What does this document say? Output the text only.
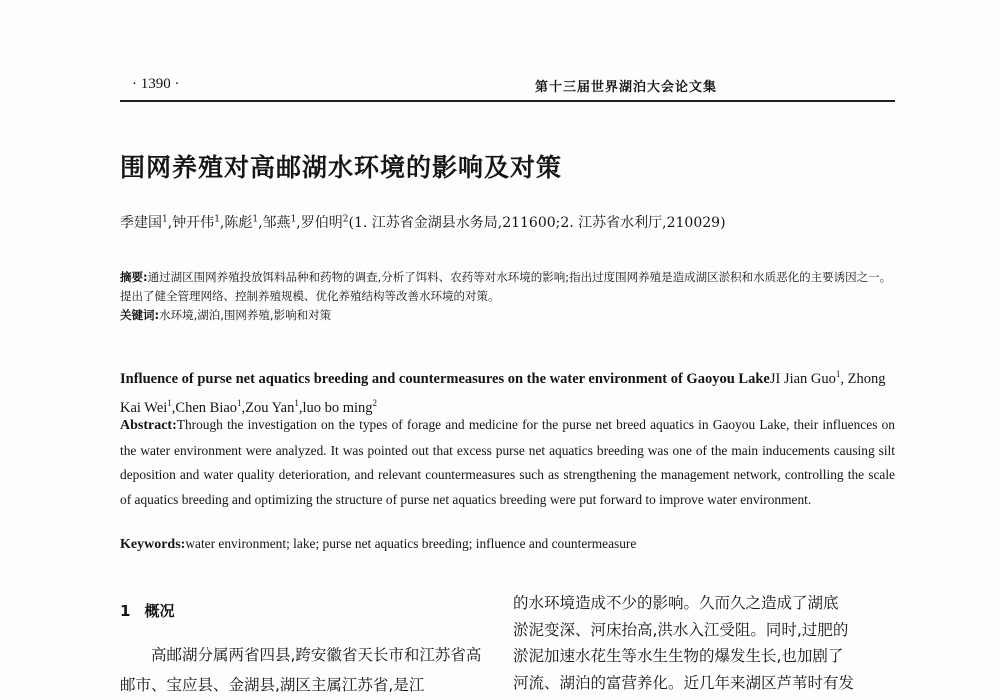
· 1390 ·	第十三届世界湖泊大会论文集
围网养殖对高邮湖水环境的影响及对策
季建国$^1$,钟开伟$^1$,陈彪$^1$,邹燕$^1$,罗伯明$^2$(1. 江苏省金湖县水务局,211600;2. 江苏省水利厅,210029)
摘要:通过湖区围网养殖投放饵料品种和药物的调查,分析了饵料、农药等对水环境的影响;指出过度围网养殖是造成湖区淤积和水质恶化的主要诱因之一。提出了健全管理网络、控制养殖规模、优化养殖结构等改善水环境的对策。
关键词:水环境,湖泊,围网养殖,影响和对策
Influence of purse net aquatics breeding and countermeasures on the water environment of Gaoyou LakeJI Jian Guo$^1$, Zhong Kai Wei$^1$,Chen Biao$^1$,Zou Yan$^1$,luo bo ming$^2$
Abstract:Through the investigation on the types of forage and medicine for the purse net breed aquatics in Gaoyou Lake, their influences on the water environment were analyzed. It was pointed out that excess purse net aquatics breeding was one of the main inducements causing silt deposition and water quality deterioration, and relevant countermeasures such as strengthening the management network, controlling the scale of aquatics breeding and optimizing the structure of purse net aquatics breeding were put forward to improve water environment.
Keywords:water environment; lake; purse net aquatics breeding; influence and countermeasure
1 概况
高邮湖分属两省四县,跨安徽省天长市和江苏省高邮市、宝应县、金湖县,湖区主属江苏省,是江
的水环境造成不少的影响。久而久之造成了湖底
淤泥变深、河床抬高,洪水入江受阻。同时,过肥的
淤泥加速水花生等水生生物的爆发生长,也加剧了
河流、湖泊的富营养化。近几年来湖区芦苇时有发
